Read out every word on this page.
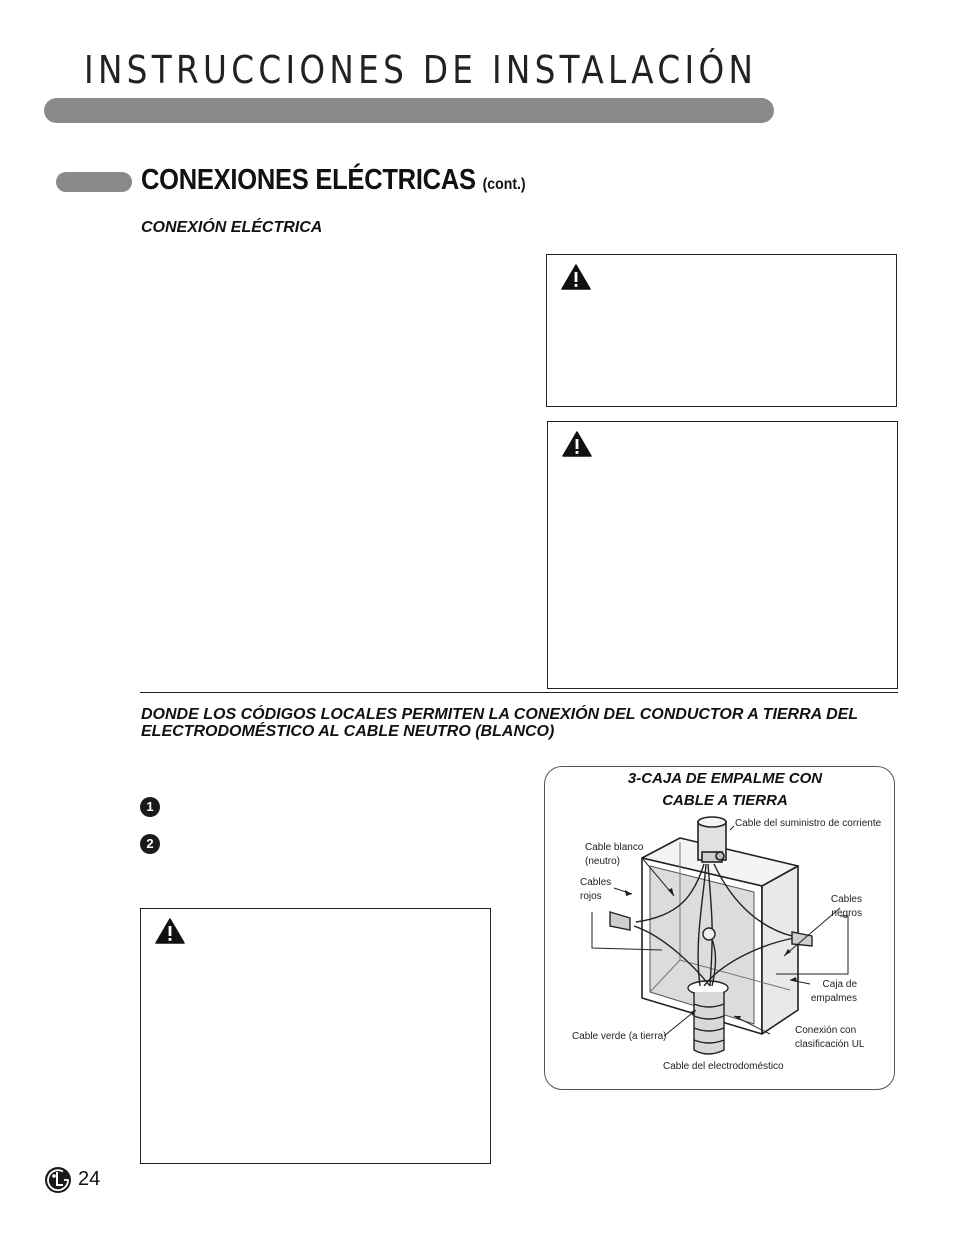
INSTRUCCIONES DE INSTALACIÓN
CONEXIONES ELÉCTRICAS (cont.)
CONEXIÓN ELÉCTRICA
DONDE LOS CÓDIGOS LOCALES PERMITEN LA CONEXIÓN DEL CONDUCTOR A TIERRA DEL ELECTRODOMÉSTICO AL CABLE NEUTRO (BLANCO)
1
2
3-CAJA DE EMPALME CON
CABLE A TIERRA
Cable del suministro de corriente
Cable blanco
(neutro)
Cables
rojos	Cables
negros
Caja de
empalmes
Cable verde (a tierra)
Conexión con
clasificación UL
Cable del electrodoméstico
24
